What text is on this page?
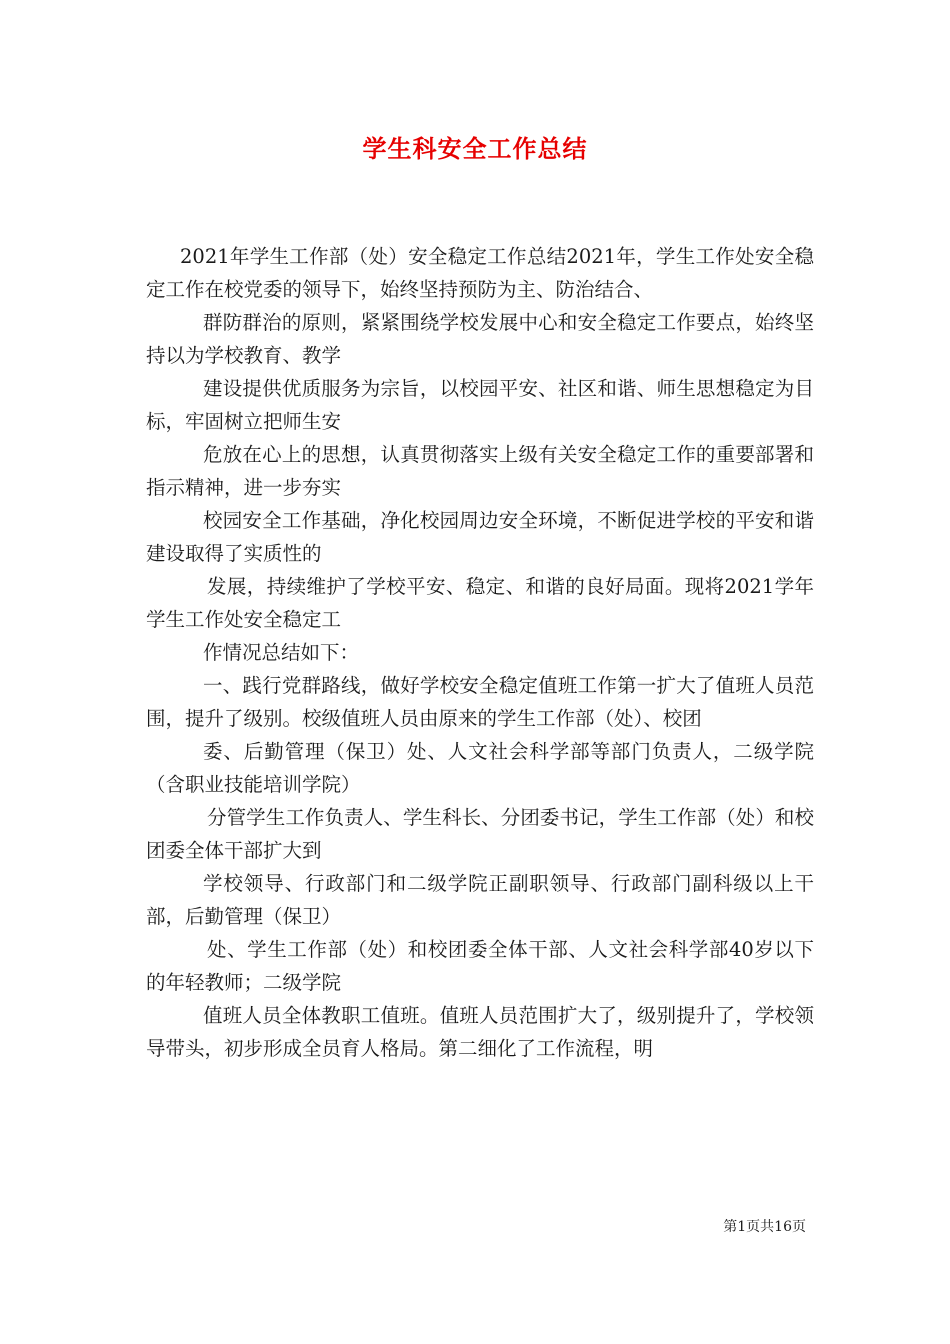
学生科安全工作总结

2021年学生工作部（处）安全稳定工作总结2021年，学生工作处安全稳定工作在校党委的领导下，始终坚持预防为主、防治结合、

群防群治的原则，紧紧围绕学校发展中心和安全稳定工作要点，始终坚持以为学校教育、教学

建设提供优质服务为宗旨，以校园平安、社区和谐、师生思想稳定为目标，牢固树立把师生安

危放在心上的思想，认真贯彻落实上级有关安全稳定工作的重要部署和指示精神，进一步夯实

校园安全工作基础，净化校园周边安全环境，不断促进学校的平安和谐建设取得了实质性的

发展，持续维护了学校平安、稳定、和谐的良好局面。现将2021学年学生工作处安全稳定工

作情况总结如下：

一、践行党群路线，做好学校安全稳定值班工作第一扩大了值班人员范围，提升了级别。校级值班人员由原来的学生工作部（处）、校团

委、后勤管理（保卫）处、人文社会科学部等部门负责人，二级学院（含职业技能培训学院）

分管学生工作负责人、学生科长、分团委书记，学生工作部（处）和校团委全体干部扩大到

学校领导、行政部门和二级学院正副职领导、行政部门副科级以上干部，后勤管理（保卫）

处、学生工作部（处）和校团委全体干部、人文社会科学部40岁以下的年轻教师；二级学院

值班人员全体教职工值班。值班人员范围扩大了，级别提升了，学校领导带头，初步形成全员育人格局。第二细化了工作流程，明

第1页共16页
